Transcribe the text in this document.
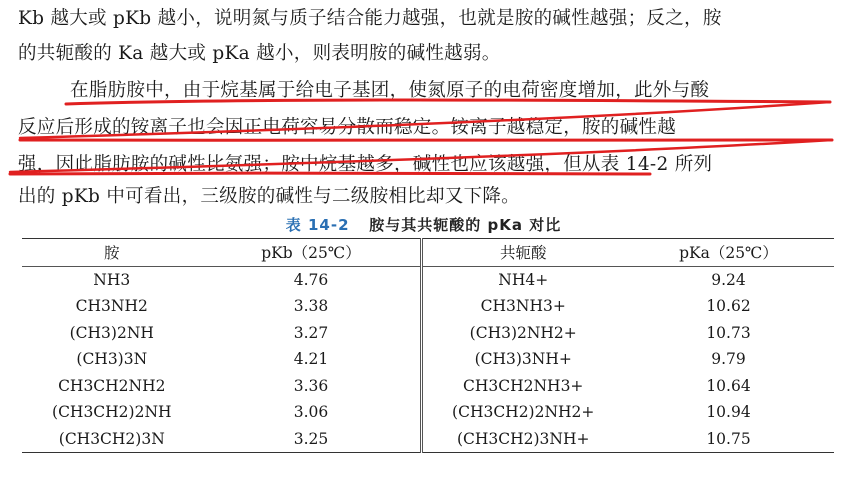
Kb 越大或 pKb 越小，说明氮与质子结合能力越强，也就是胺的碱性越强；反之，胺
的共轭酸的 Ka 越大或 pKa 越小，则表明胺的碱性越弱。
在脂肪胺中，由于烷基属于给电子基团，使氮原子的电荷密度增加，此外与酸
反应后形成的铵离子也会因正电荷容易分散而稳定。铵离子越稳定，胺的碱性越
强，因此脂肪胺的碱性比氨强；胺中烷基越多，碱性也应该越强，但从表 14-2 所列
出的 pKb 中可看出，三级胺的碱性与二级胺相比却又下降。
表 14-2 胺与其共轭酸的 pKa 对比
胺	pKb（25℃）	共轭酸	pKa（25℃）
NH3	4.76	NH4+	9.24
CH3NH2	3.38	CH3NH3+	10.62
(CH3)2NH	3.27	(CH3)2NH2+	10.73
(CH3)3N	4.21	(CH3)3NH+	9.79
CH3CH2NH2	3.36	CH3CH2NH3+	10.64
(CH3CH2)2NH	3.06	(CH3CH2)2NH2+	10.94
(CH3CH2)3N	3.25	(CH3CH2)3NH+	10.75
